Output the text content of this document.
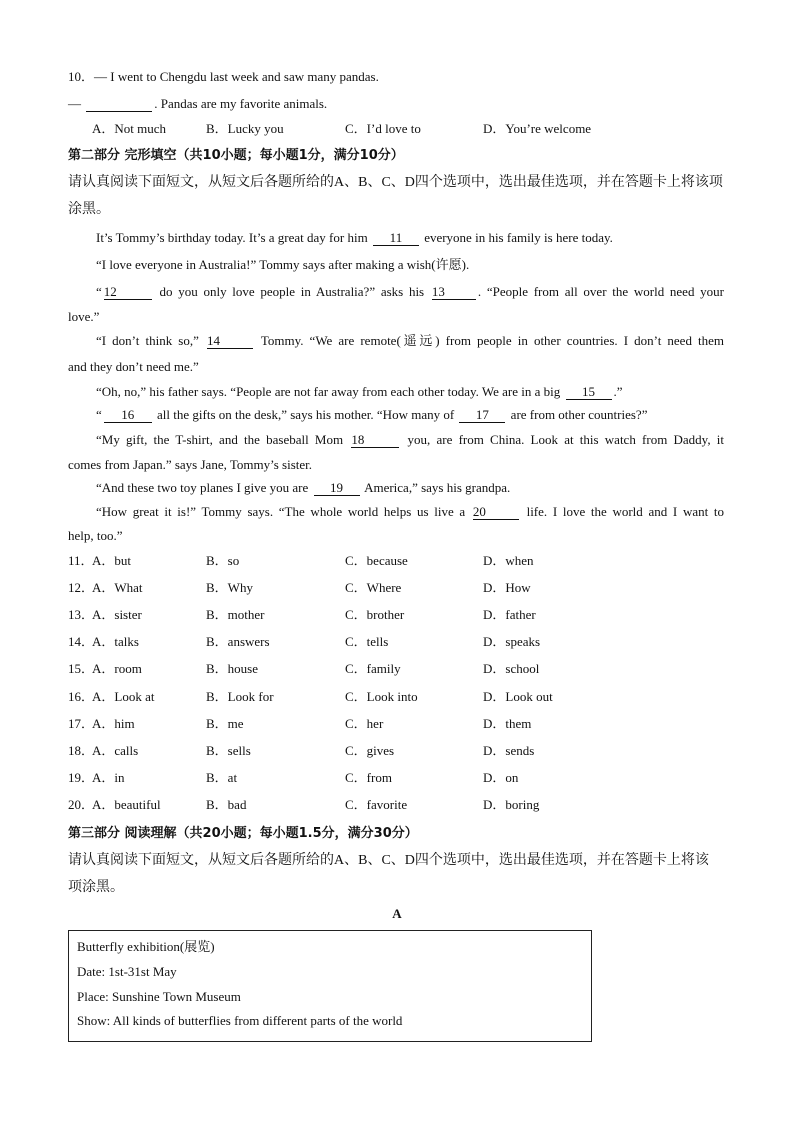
10．— I went to Chengdu last week and saw many pandas.
—	. Pandas are my favorite animals.
A．Not much	B．Lucky you	C．I’d love to	D．You’re welcome
第二部分 完形填空（共10小题；每小题1分，满分10分）
请认真阅读下面短文，从短文后各题所给的A、B、C、D四个选项中，选出最佳选项，并在答题卡上将该项
涂黑。
It’s Tommy’s birthday today. It’s a great day for him 11 everyone in his family is here today.
“I love everyone in Australia!” Tommy says after making a wish(许愿).
“ 12	do you only love people in Australia?” asks his 13	. “People from all over the world need your
love.”
“I don’t think so,” 14	Tommy. “We are remote(遥远) from people in other countries. I don’t need them
and they don’t need me.”
“Oh, no,” his father says. “People are not far away from each other today. We are in a big 15 .”
“ 16 all the gifts on the desk,” says his mother. “How many of 17 are from other countries?”
“My gift, the T-shirt, and the baseball Mom 18	you, are from China. Look at this watch from Daddy, it
comes from Japan.” says Jane, Tommy’s sister.
“And these two toy planes I give you are 19 America,” says his grandpa.
“How great it is!” Tommy says. “The whole world helps us live a 20	life. I love the world and I want to
help, too.”
11．
A．but	B．so	C．because	D．when
12．
A．What	B．Why	C．Where	D．How
13．
A．sister	B．mother	C．brother	D．father
14．
A．talks	B．answers	C．tells	D．speaks
15．
A．room	B．house	C．family	D．school
16．
A．Look at	B．Look for	C．Look into	D．Look out
17．
A．him	B．me	C．her	D．them
18．
A．calls	B．sells	C．gives	D．sends
19．
A．in	B．at	C．from	D．on
20．
A．beautiful	B．bad	C．favorite	D．boring
第三部分 阅读理解（共20小题；每小题1.5分，满分30分）
请认真阅读下面短文，从短文后各题所给的A、B、C、D四个选项中，选出最佳选项，并在答题卡上将该
项涂黑。
A
Butterfly exhibition(展览)
Date: 1st-31st May
Place: Sunshine Town Museum
Show: All kinds of butterflies from different parts of the world
